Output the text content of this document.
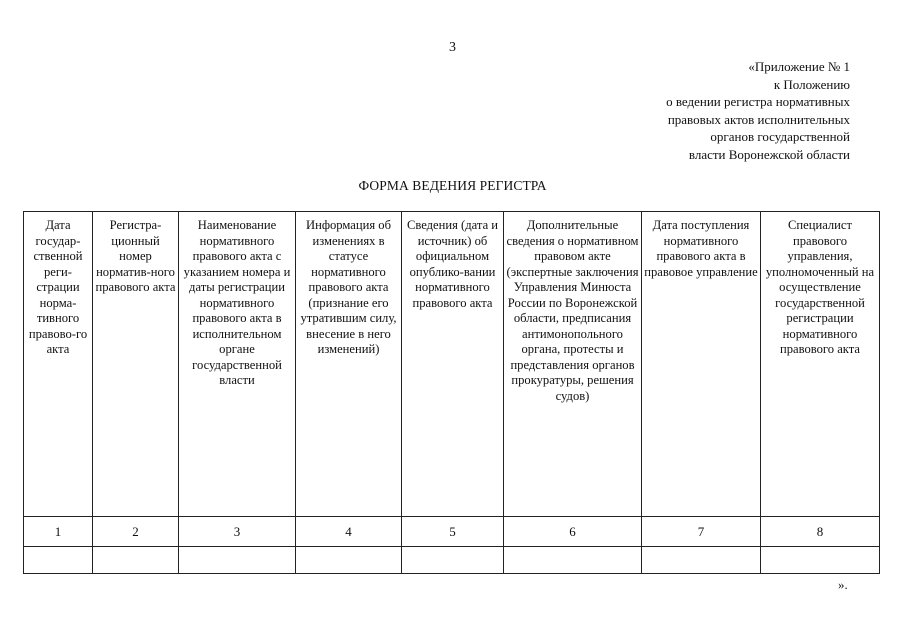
3
«Приложение № 1
к Положению
о ведении регистра нормативных
правовых актов исполнительных
органов государственной
власти Воронежской области
ФОРМА ВЕДЕНИЯ РЕГИСТРА
Дата государ-ственной реги-страции норма-тивного правово-го акта	Регистра-ционный номер норматив-ного правового акта	Наименование нормативного правового акта с указанием номера и даты регистрации нормативного правового акта в исполнительном органе государственной власти	Информация об изменениях в статусе нормативного правового акта (признание его утратившим силу, внесение в него изменений)	Сведения (дата и источник) об официальном опублико-вании нормативного правового акта	Дополнительные сведения о нормативном правовом акте (экспертные заключения Управления Минюста России по Воронежской области, предписания антимонопольного органа, протесты и представления органов прокуратуры, решения судов)	Дата поступления нормативного правового акта в правовое управление	Специалист правового управления, уполномоченный на осуществление государственной регистрации нормативного правового акта
1	2	3	4	5	6	7	8

».
